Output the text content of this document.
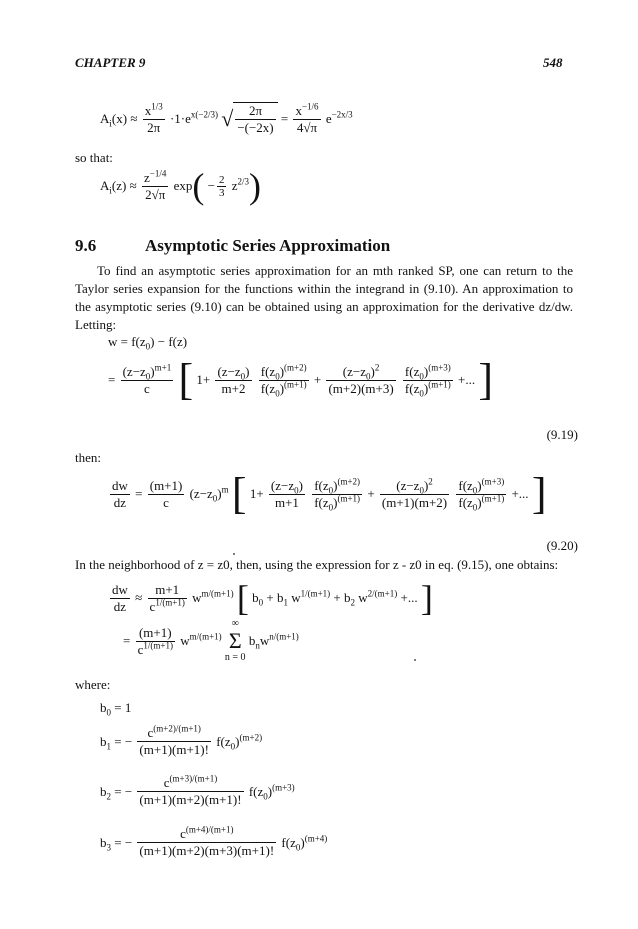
CHAPTER 9	548
$A_i(x) \approx \frac{x^{1/3}}{2\pi} \cdot 1\cdot e^{x(-2/3)}$ √ $\frac{2\pi}{-(-2x)} = \frac{x^{-1/6}}{4√\pi} e^{-2x/3}$
so that:
$A_i(z) \approx \frac{z^{-1/4}}{2√\pi} \exp( - \frac{2}{3} z^{2/3})$
9.6	Asymptotic Series Approximation
To find an asymptotic series approximation for an mth ranked SP, one can return to the Taylor series expansion for the functions within the integrand in (9.10). An approximation to the asymptotic series (9.10) can be obtained using an approximation for the derivative dz/dw. Letting:
$w = f(z_0) - f(z)$
= $\frac{(z-z_0)^{m+1}}{c}$ [ $1+ \frac{(z-z_0)}{m+2}$
$\frac{f(z_0)^{(m+2)}}{f(z_0)^{(m+1)}} + \frac{(z-z_0)^2}{(m+2)(m+3)}$
$\frac{f(z_0)^{(m+3)}}{f(z_0)^{(m+1)}}$ +... ]
(9.19)
then:
$\frac{dw}{dz} = \frac{(m+1)}{c} (z-z_0)^m$ [ $1+ \frac{(z-z_0)}{m+1}$
$\frac{f(z_0)^{(m+2)}}{f(z_0)^{(m+1)}} + \frac{(z-z_0)^2}{(m+1)(m+2)}$
$\frac{f(z_0)^{(m+3)}}{f(z_0)^{(m+1)}}$ +... ]
(9.20)
In the neighborhood of z = z0, then, using the expression for z - z0 in eq. (9.15), one obtains:
$\frac{dw}{dz} \approx \frac{m+1}{c^{1/(m+1)}} w^{m/(m+1)}$ [ $b_0 + b_1$ $w^{1/(m+1)} + b_2$ $w^{2/(m+1)}$ +... ]
= $\frac{(m+1)}{c^{1/(m+1)}} w^{m/(m+1)}$
∞
Σ
n = 0
$b_nw^{n/(m+1)}$
where:
$b_0 = 1$
$b_1$ = − $\frac{c^{(m+2)/(m+1)}}{(m+1)(m+1)!} f(z_0)^{(m+2)}$
$b_2$ = − $\frac{c^{(m+3)/(m+1)}}{(m+1)(m+2)(m+1)!} f(z_0)^{(m+3)}$
$b_3$ = − $\frac{c^{(m+4)/(m+1)}}{(m+1)(m+2)(m+3)(m+1)!} f(z_0)^{(m+4)}$
